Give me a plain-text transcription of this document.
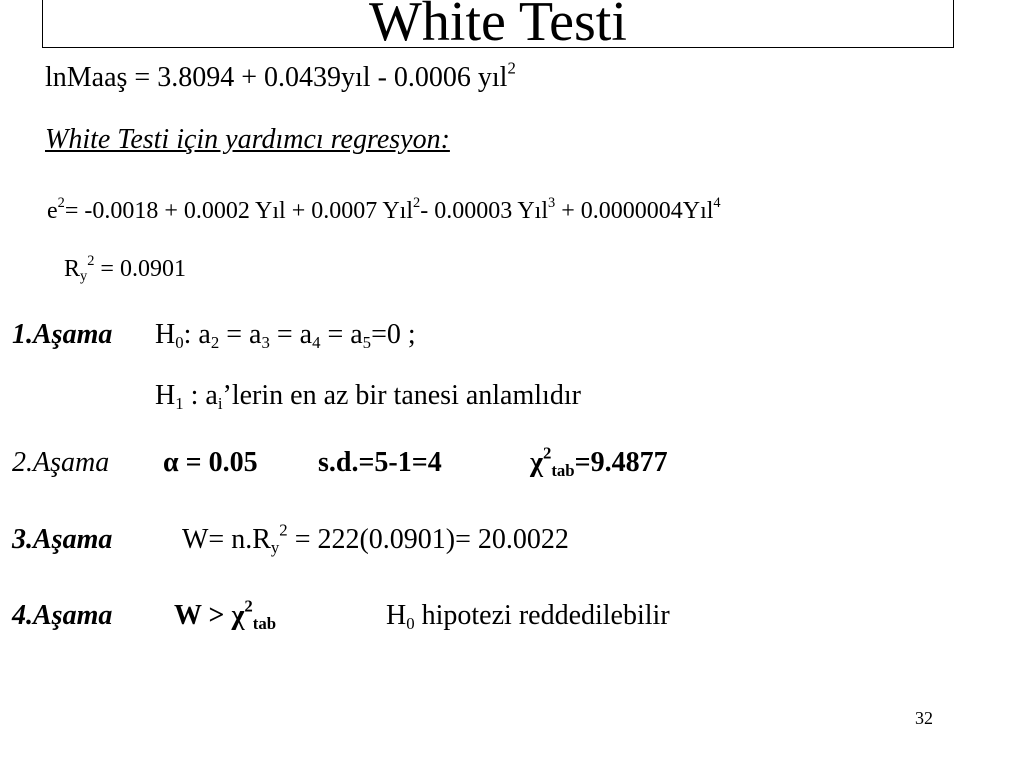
White Testi
lnMaaş = 3.8094 + 0.0439yıl - 0.0006 yıl$^2$
White Testi için yardımcı regresyon:
$e^2= -0.0018 + 0.0002$ Yıl + 0.0007 Yıl$^2$- 0.00003 Yıl$^3$ + 0.0000004Yıl$^4$
$R_y^2 = 0.0901$
1.Aşama $H_0$: $a_2 = a_3 = a_4 = a_5=0$ ;
$H_1$ : $a_i’lerin$ en az bir tanesi anlamlıdır
2.Aşama α = 0.05 s.d.=5-1=4	$\chi^2_{tab}=9.4877$
3.Aşama $W= n.R_y^2 = 222(0.0901)= 20.0022$
4.Aşama $W > \chi^2_{tab}$	$H_0$ hipotezi reddedilebilir
32
